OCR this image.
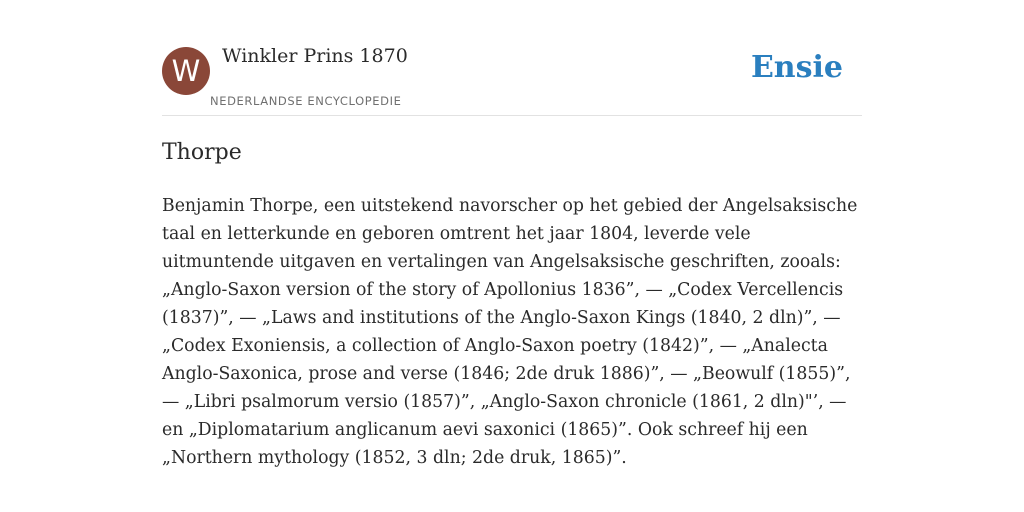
W	Winkler Prins 1870
NEDERLANDSE ENCYCLOPEDIE
Ensie
Thorpe

Benjamin Thorpe, een uitstekend navorscher op het gebied der Angelsaksische taal en letterkunde en geboren omtrent het jaar 1804, leverde vele uitmuntende uitgaven en vertalingen van Angelsaksische geschriften, zooals: „Anglo-Saxon version of the story of Apollonius 1836”, — „Codex Vercellencis (1837)”, — „Laws and institutions of the Anglo-Saxon Kings (1840, 2 dln)”, — „Codex Exoniensis, a collection of Anglo-Saxon poetry (1842)”, — „Analecta Anglo-Saxonica, prose and verse (1846; 2de druk 1886)”, — „Beowulf (1855)”, — „Libri psalmorum versio (1857)”, „Anglo-Saxon chronicle (1861, 2 dln)"’, — en „Diplomatarium anglicanum aevi saxonici (1865)”. Ook schreef hij een „Northern mythology (1852, 3 dln; 2de druk, 1865)”.
